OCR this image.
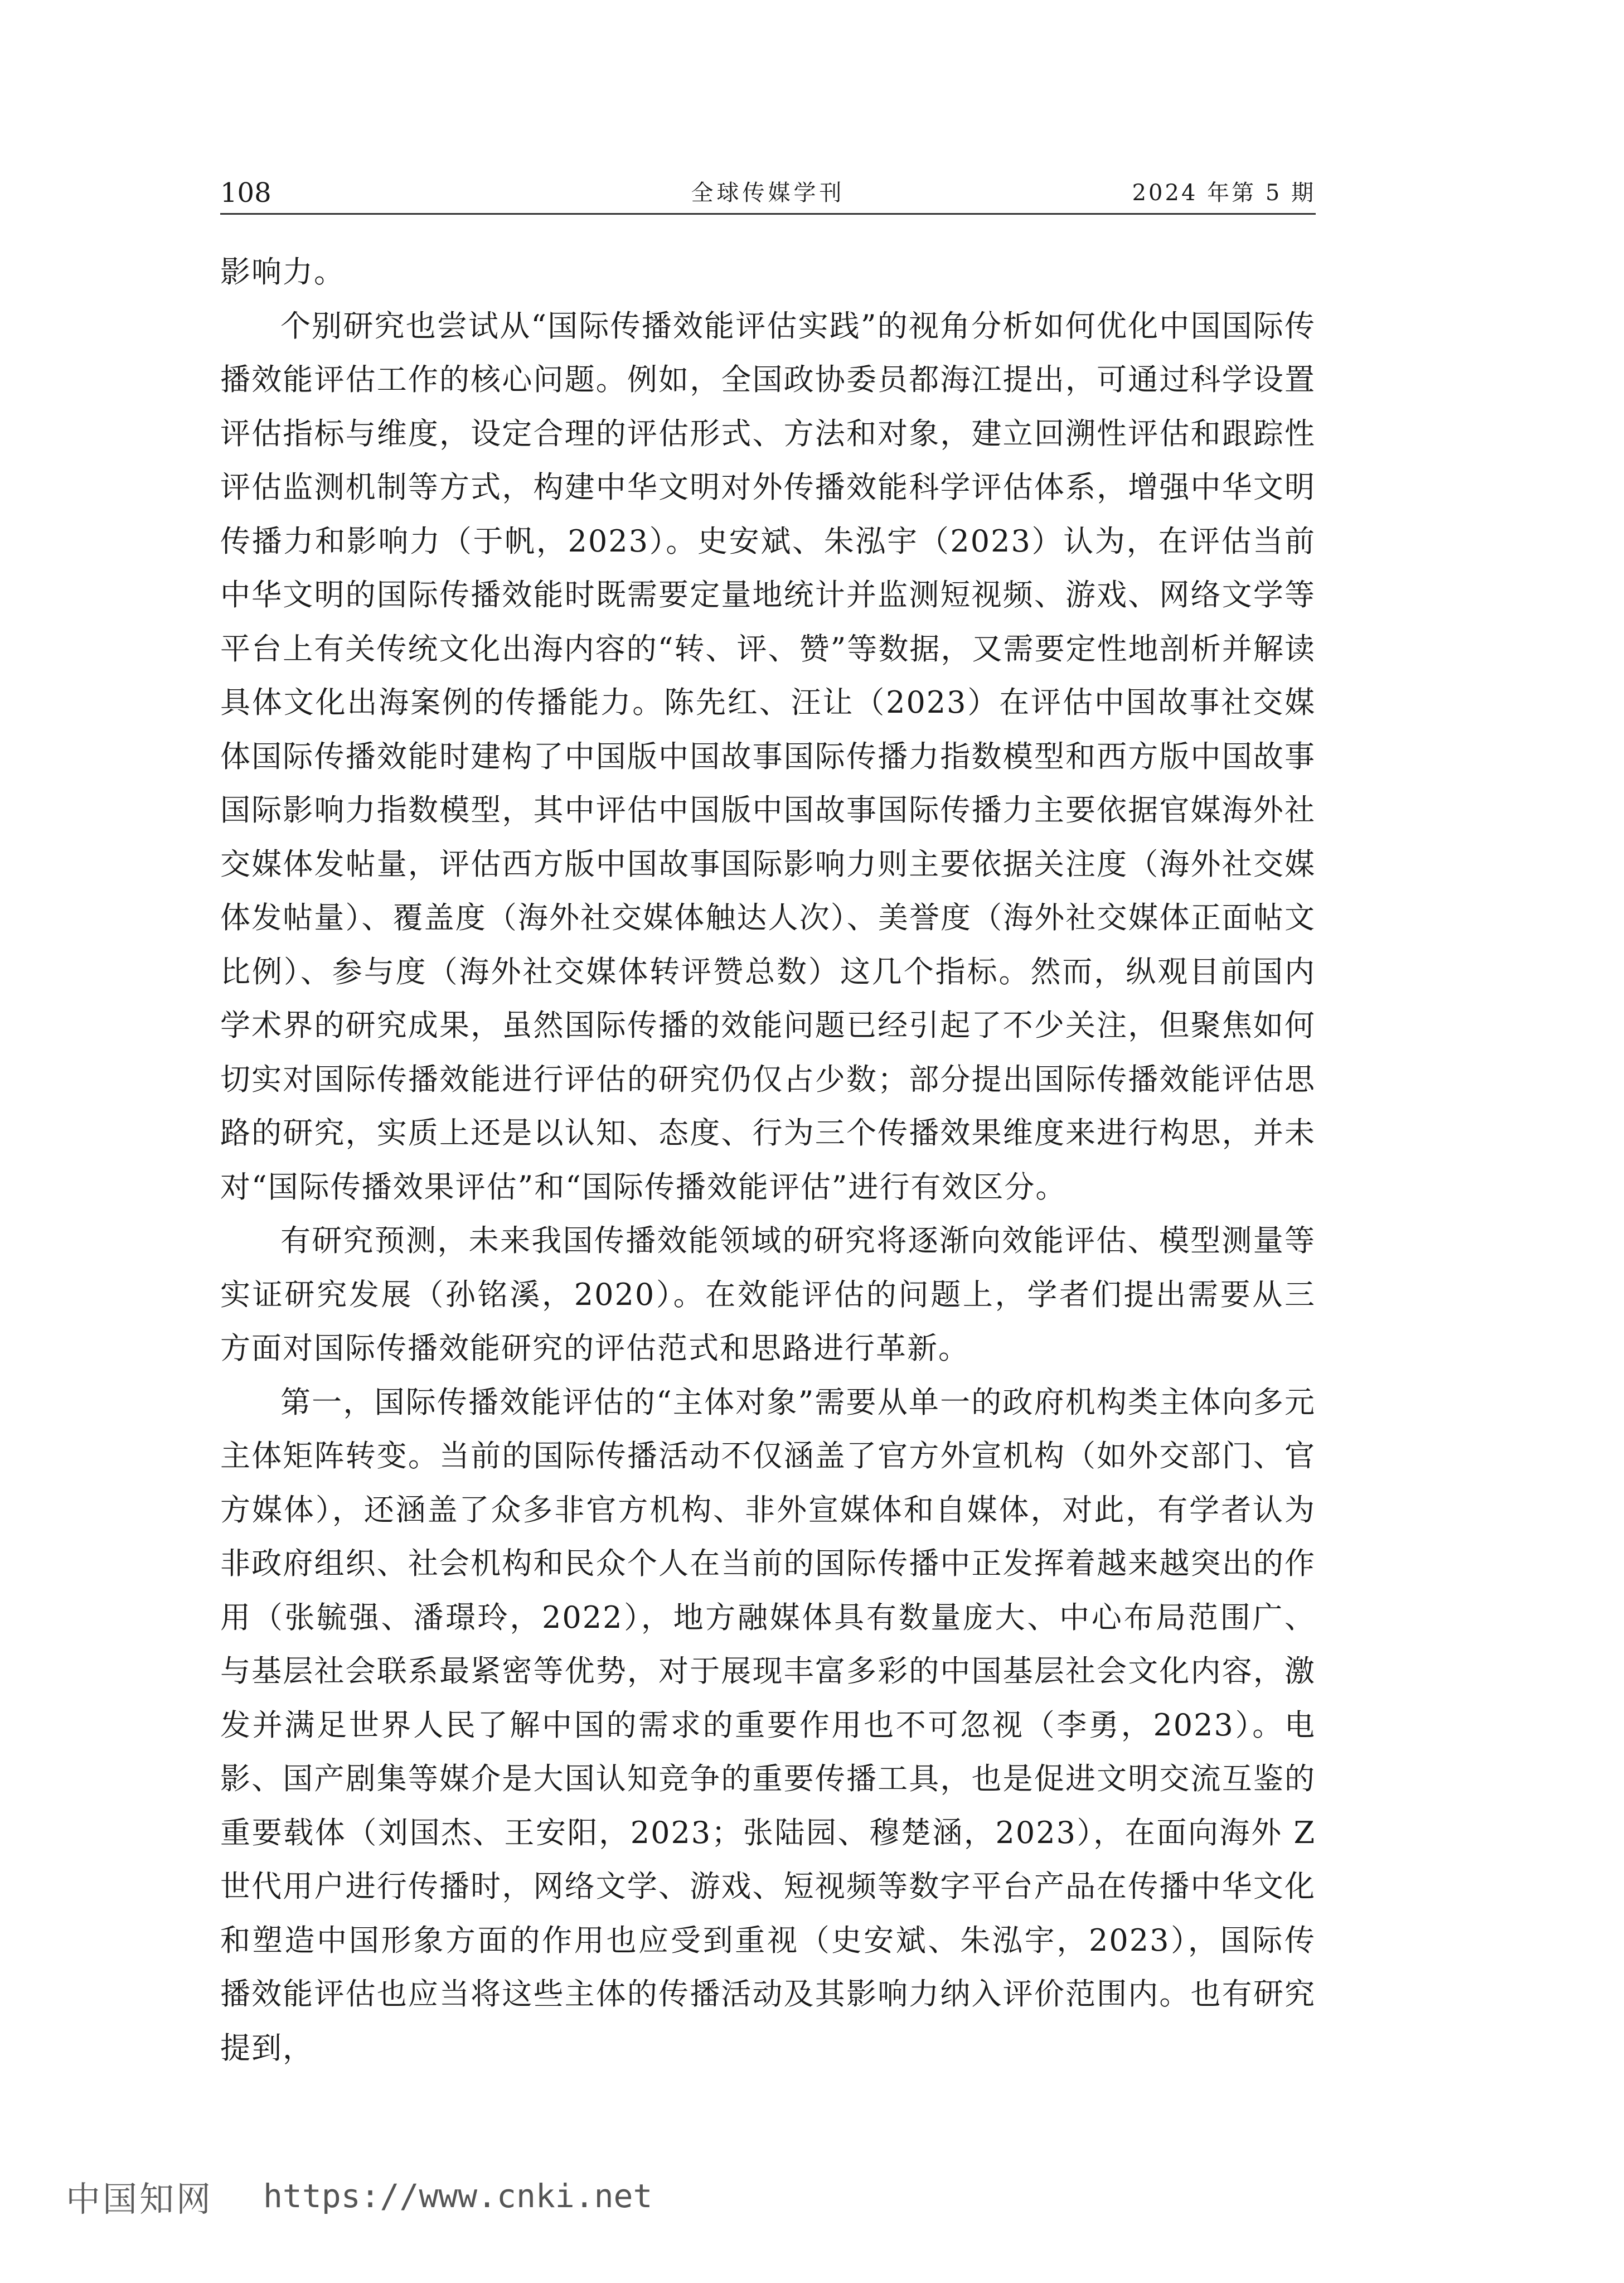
108	全球传媒学刊	2024 年第 5 期

影响力。

个别研究也尝试从“国际传播效能评估实践”的视角分析如何优化中国国际传播效能评估工作的核心问题。例如，全国政协委员都海江提出，可通过科学设置评估指标与维度，设定合理的评估形式、方法和对象，建立回溯性评估和跟踪性评估监测机制等方式，构建中华文明对外传播效能科学评估体系，增强中华文明传播力和影响力（于帆，2023）。史安斌、朱泓宇（2023）认为，在评估当前中华文明的国际传播效能时既需要定量地统计并监测短视频、游戏、网络文学等平台上有关传统文化出海内容的“转、评、赞”等数据，又需要定性地剖析并解读具体文化出海案例的传播能力。陈先红、汪让（2023）在评估中国故事社交媒体国际传播效能时建构了中国版中国故事国际传播力指数模型和西方版中国故事国际影响力指数模型，其中评估中国版中国故事国际传播力主要依据官媒海外社交媒体发帖量，评估西方版中国故事国际影响力则主要依据关注度（海外社交媒体发帖量）、覆盖度（海外社交媒体触达人次）、美誉度（海外社交媒体正面帖文比例）、参与度（海外社交媒体转评赞总数）这几个指标。然而，纵观目前国内学术界的研究成果，虽然国际传播的效能问题已经引起了不少关注，但聚焦如何切实对国际传播效能进行评估的研究仍仅占少数；部分提出国际传播效能评估思路的研究，实质上还是以认知、态度、行为三个传播效果维度来进行构思，并未对“国际传播效果评估”和“国际传播效能评估”进行有效区分。

有研究预测，未来我国传播效能领域的研究将逐渐向效能评估、模型测量等实证研究发展（孙铭溪，2020）。在效能评估的问题上，学者们提出需要从三方面对国际传播效能研究的评估范式和思路进行革新。

第一，国际传播效能评估的“主体对象”需要从单一的政府机构类主体向多元主体矩阵转变。当前的国际传播活动不仅涵盖了官方外宣机构（如外交部门、官方媒体），还涵盖了众多非官方机构、非外宣媒体和自媒体，对此，有学者认为非政府组织、社会机构和民众个人在当前的国际传播中正发挥着越来越突出的作用（张毓强、潘璟玲，2022），地方融媒体具有数量庞大、中心布局范围广、与基层社会联系最紧密等优势，对于展现丰富多彩的中国基层社会文化内容，激发并满足世界人民了解中国的需求的重要作用也不可忽视（李勇，2023）。电影、国产剧集等媒介是大国认知竞争的重要传播工具，也是促进文明交流互鉴的重要载体（刘国杰、王安阳，2023；张陆园、穆楚涵，2023），在面向海外 Z 世代用户进行传播时，网络文学、游戏、短视频等数字平台产品在传播中华文化和塑造中国形象方面的作用也应受到重视（史安斌、朱泓宇，2023），国际传播效能评估也应当将这些主体的传播活动及其影响力纳入评价范围内。也有研究提到，

中国知网 https://www.cnki.net
